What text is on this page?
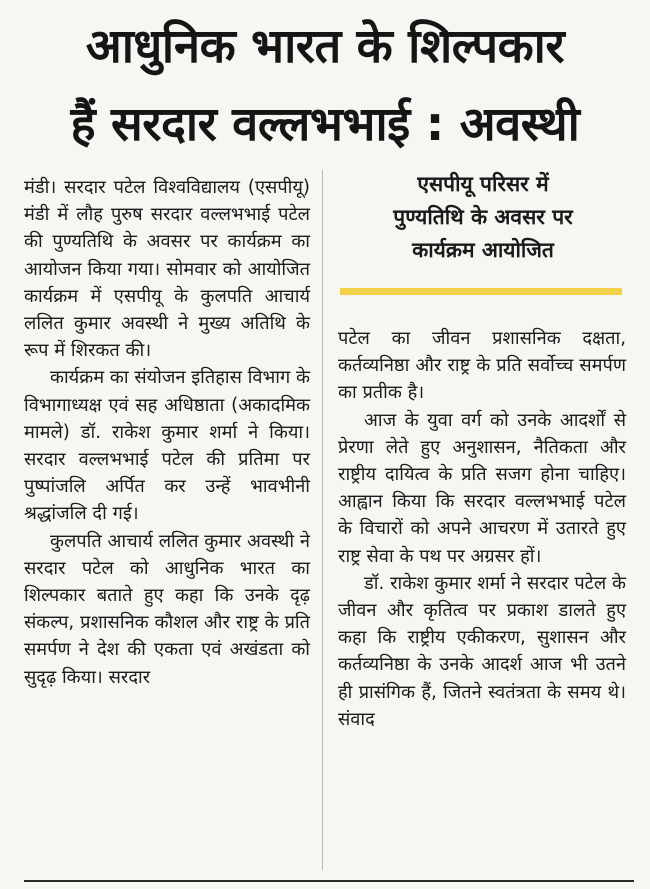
आधुनिक भारत के शिल्पकार
हैं सरदार वल्लभभाई : अवस्थी

मंडी। सरदार पटेल विश्वविद्यालय (एसपीयू) मंडी में लौह पुरुष सरदार वल्लभभाई पटेल की पुण्यतिथि के अवसर पर कार्यक्रम का आयोजन किया गया। सोमवार को आयोजित कार्यक्रम में एसपीयू के कुलपति आचार्य ललित कुमार अवस्थी ने मुख्य अतिथि के रूप में शिरकत की।

कार्यक्रम का संयोजन इतिहास विभाग के विभागाध्यक्ष एवं सह अधिष्ठाता (अकादमिक मामले) डॉ. राकेश कुमार शर्मा ने किया। सरदार वल्लभभाई पटेल की प्रतिमा पर पुष्पांजलि अर्पित कर उन्हें भावभीनी श्रद्धांजलि दी गई।

कुलपति आचार्य ललित कुमार अवस्थी ने सरदार पटेल को आधुनिक भारत का शिल्पकार बताते हुए कहा कि उनके दृढ़ संकल्प, प्रशासनिक कौशल और राष्ट्र के प्रति समर्पण ने देश की एकता एवं अखंडता को सुदृढ़ किया। सरदार

एसपीयू परिसर में
पुण्यतिथि के अवसर पर
कार्यक्रम आयोजित

पटेल का जीवन प्रशासनिक दक्षता, कर्तव्यनिष्ठा और राष्ट्र के प्रति सर्वोच्च समर्पण का प्रतीक है।

आज के युवा वर्ग को उनके आदर्शों से प्रेरणा लेते हुए अनुशासन, नैतिकता और राष्ट्रीय दायित्व के प्रति सजग होना चाहिए। आह्वान किया कि सरदार वल्लभभाई पटेल के विचारों को अपने आचरण में उतारते हुए राष्ट्र सेवा के पथ पर अग्रसर हों।

डॉ. राकेश कुमार शर्मा ने सरदार पटेल के जीवन और कृतित्व पर प्रकाश डालते हुए कहा कि राष्ट्रीय एकीकरण, सुशासन और कर्तव्यनिष्ठा के उनके आदर्श आज भी उतने ही प्रासंगिक हैं, जितने स्वतंत्रता के समय थे। संवाद
